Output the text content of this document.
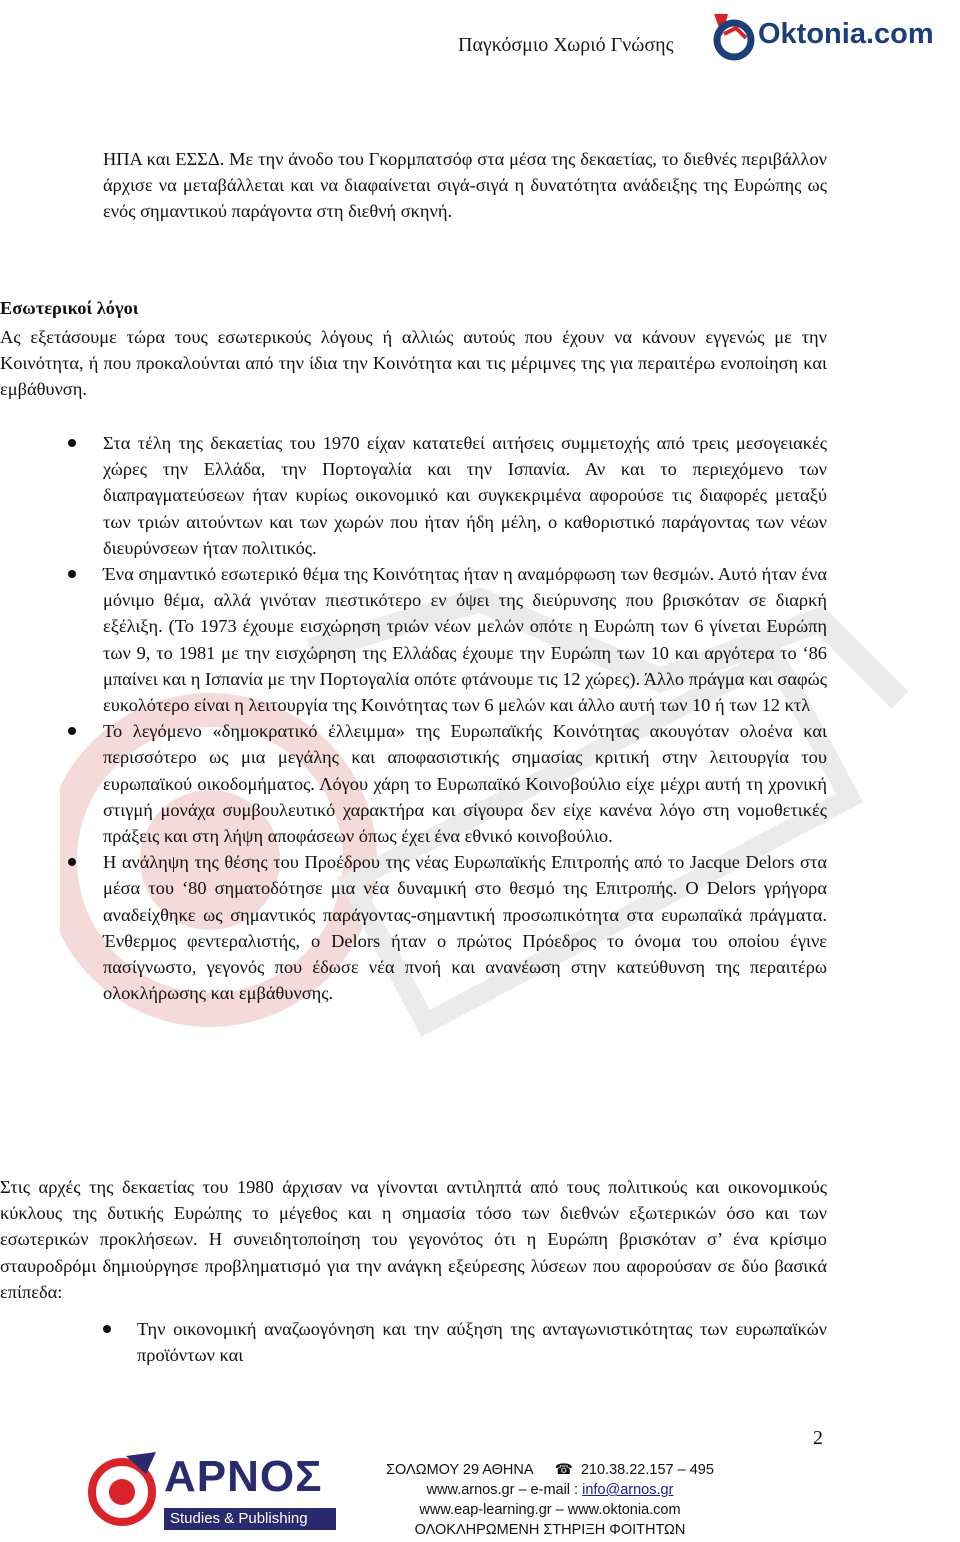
Παγκόσμιο Χωριό Γνώσης	Oktonia.com

ΗΠΑ και ΕΣΣΔ. Με την άνοδο του Γκορμπατσόφ στα μέσα της δεκαετίας, το διεθνές περιβάλλον άρχισε να μεταβάλλεται και να διαφαίνεται σιγά-σιγά η δυνατότητα ανάδειξης της Ευρώπης ως ενός σημαντικού παράγοντα στη διεθνή σκηνή.

Εσωτερικοί λόγοι

Ας εξετάσουμε τώρα τους εσωτερικούς λόγους ή αλλιώς αυτούς που έχουν να κάνουν εγγενώς με την Κοινότητα, ή που προκαλούνται από την ίδια την Κοινότητα και τις μέριμνες της για περαιτέρω ενοποίηση και εμβάθυνση.

Στα τέλη της δεκαετίας του 1970 είχαν κατατεθεί αιτήσεις συμμετοχής από τρεις μεσογειακές χώρες την Ελλάδα, την Πορτογαλία και την Ισπανία. Αν και το περιεχόμενο των διαπραγματεύσεων ήταν κυρίως οικονομικό και συγκεκριμένα αφορούσε τις διαφορές μεταξύ των τριών αιτούντων και των χωρών που ήταν ήδη μέλη, ο καθοριστικό παράγοντας των νέων διευρύνσεων ήταν πολιτικός.
Ένα σημαντικό εσωτερικό θέμα της Κοινότητας ήταν η αναμόρφωση των θεσμών. Αυτό ήταν ένα μόνιμο θέμα, αλλά γινόταν πιεστικότερο εν όψει της διεύρυνσης που βρισκόταν σε διαρκή εξέλιξη. (Το 1973 έχουμε εισχώρηση τριών νέων μελών οπότε η Ευρώπη των 6 γίνεται Ευρώπη των 9, το 1981 με την εισχώρηση της Ελλάδας έχουμε την Ευρώπη των 10 και αργότερα το ‘86 μπαίνει και η Ισπανία με την Πορτογαλία οπότε φτάνουμε τις 12 χώρες). Άλλο πράγμα και σαφώς ευκολότερο είναι η λειτουργία της Κοινότητας των 6 μελών και άλλο αυτή των 10 ή των 12 κτλ
Το λεγόμενο «δημοκρατικό έλλειμμα» της Ευρωπαϊκής Κοινότητας ακουγόταν ολοένα και περισσότερο ως μια μεγάλης και αποφασιστικής σημασίας κριτική στην λειτουργία του ευρωπαϊκού οικοδομήματος. Λόγου χάρη το Ευρωπαϊκό Κοινοβούλιο είχε μέχρι αυτή τη χρονική στιγμή μονάχα συμβουλευτικό χαρακτήρα και σίγουρα δεν είχε κανένα λόγο στη νομοθετικές πράξεις και στη λήψη αποφάσεων όπως έχει ένα εθνικό κοινοβούλιο.
Η ανάληψη της θέσης του Προέδρου της νέας Ευρωπαϊκής Επιτροπής από το Jacque Delors στα μέσα του ‘80 σηματοδότησε μια νέα δυναμική στο θεσμό της Επιτροπής. Ο Delors γρήγορα αναδείχθηκε ως σημαντικός παράγοντας-σημαντική προσωπικότητα στα ευρωπαϊκά πράγματα. Ένθερμος φεντεραλιστής, ο Delors ήταν ο πρώτος Πρόεδρος το όνομα του οποίου έγινε πασίγνωστο, γεγονός που έδωσε νέα πνοή και ανανέωση στην κατεύθυνση της περαιτέρω ολοκλήρωσης και εμβάθυνσης.

Στις αρχές της δεκαετίας του 1980 άρχισαν να γίνονται αντιληπτά από τους πολιτικούς και οικονομικούς κύκλους της δυτικής Ευρώπης το μέγεθος και η σημασία τόσο των διεθνών εξωτερικών όσο και των εσωτερικών προκλήσεων. Η συνειδητοποίηση του γεγονότος ότι η Ευρώπη βρισκόταν σ’ ένα κρίσιμο σταυροδρόμι δημιούργησε προβληματισμό για την ανάγκη εξεύρεσης λύσεων που αφορούσαν σε δύο βασικά επίπεδα:

Την οικονομική αναζωογόνηση και την αύξηση της ανταγωνιστικότητας των ευρωπαϊκών προϊόντων και
2
ΑΡΝΟΣ
Studies & Publishing
ΣΟΛΩΜΟΥ 29 ΑΘΗΝΑ ☎ 210.38.22.157 – 495
www.arnos.gr – e-mail : info@arnos.gr
www.eap-learning.gr – www.oktonia.com
ΟΛΟΚΛΗΡΩΜΕΝΗ ΣΤΗΡΙΞΗ ΦΟΙΤΗΤΩΝ
